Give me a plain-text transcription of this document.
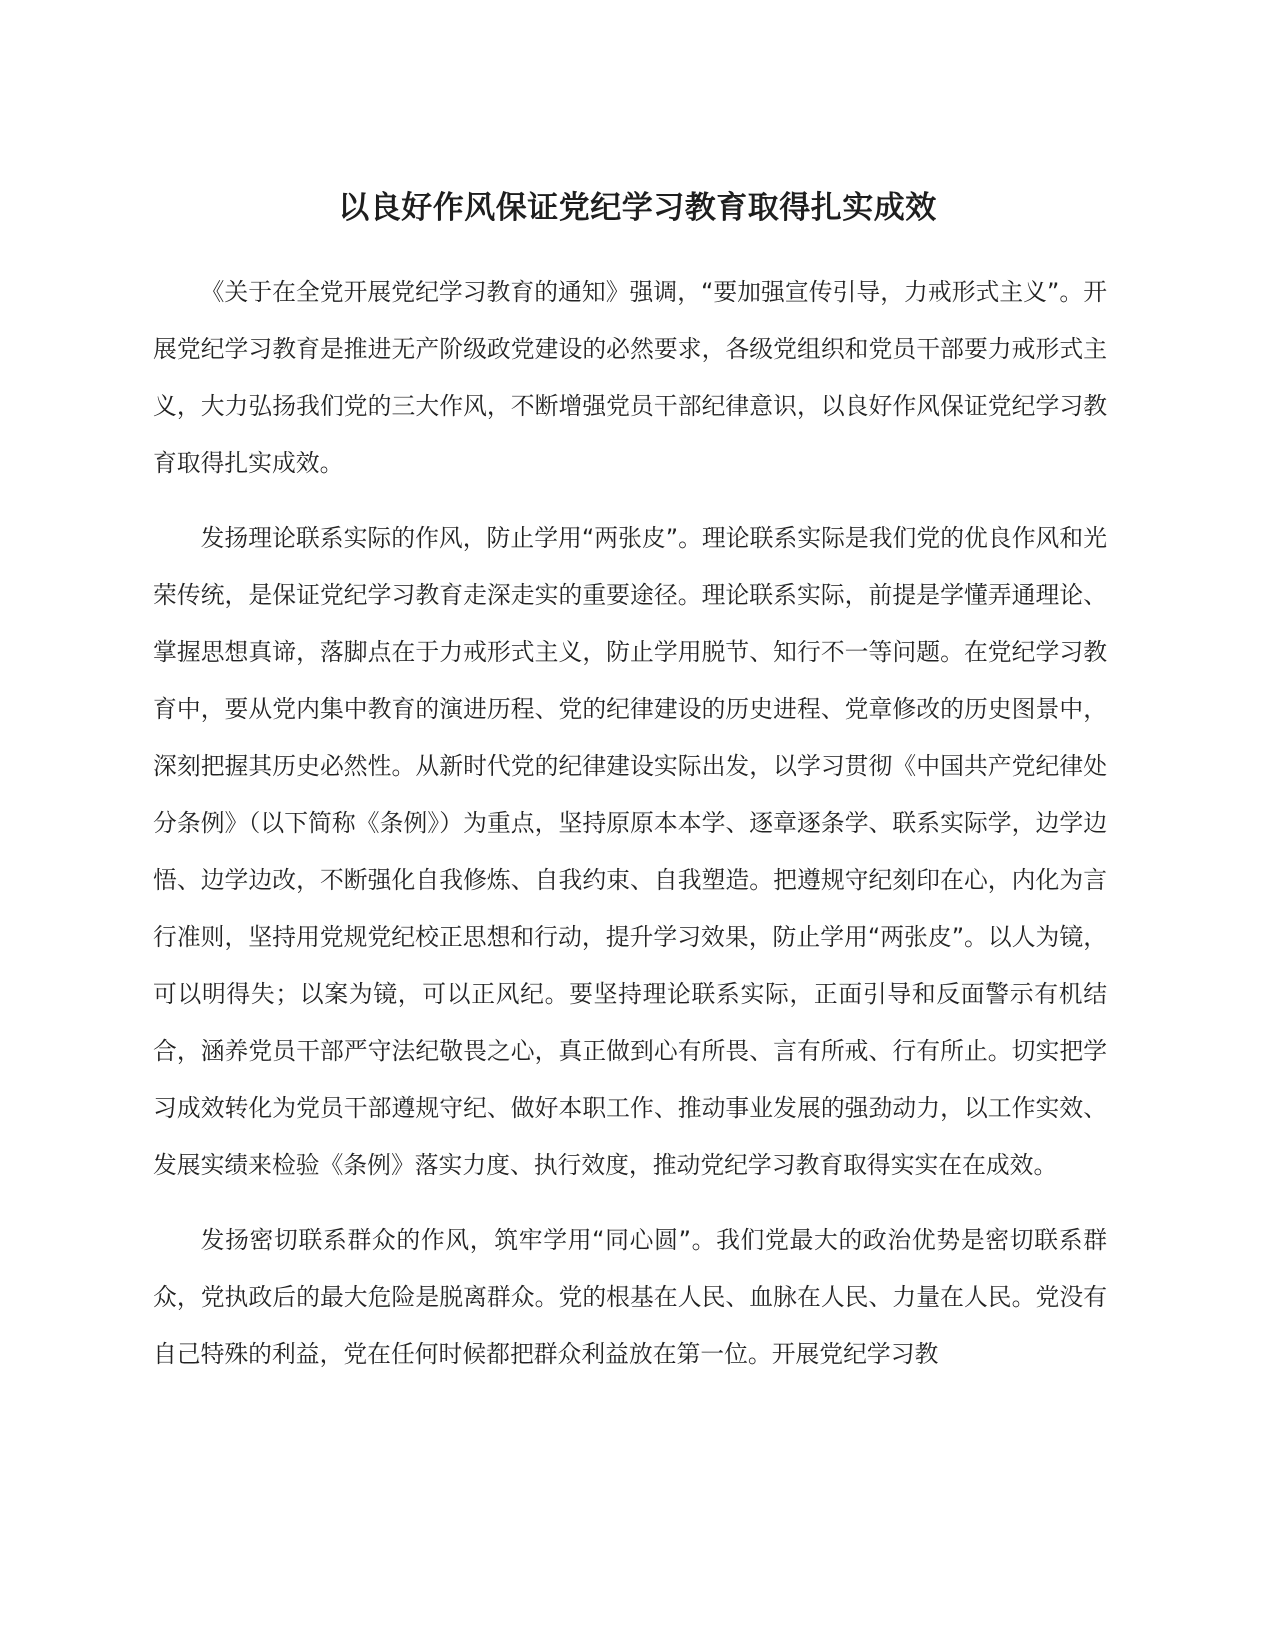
以良好作风保证党纪学习教育取得扎实成效

《关于在全党开展党纪学习教育的通知》强调，“要加强宣传引导，力戒形式主义”。开展党纪学习教育是推进无产阶级政党建设的必然要求，各级党组织和党员干部要力戒形式主义，大力弘扬我们党的三大作风，不断增强党员干部纪律意识，以良好作风保证党纪学习教育取得扎实成效。

发扬理论联系实际的作风，防止学用“两张皮”。理论联系实际是我们党的优良作风和光荣传统，是保证党纪学习教育走深走实的重要途径。理论联系实际，前提是学懂弄通理论、掌握思想真谛，落脚点在于力戒形式主义，防止学用脱节、知行不一等问题。在党纪学习教育中，要从党内集中教育的演进历程、党的纪律建设的历史进程、党章修改的历史图景中，深刻把握其历史必然性。从新时代党的纪律建设实际出发，以学习贯彻《中国共产党纪律处分条例》（以下简称《条例》）为重点，坚持原原本本学、逐章逐条学、联系实际学，边学边悟、边学边改，不断强化自我修炼、自我约束、自我塑造。把遵规守纪刻印在心，内化为言行准则，坚持用党规党纪校正思想和行动，提升学习效果，防止学用“两张皮”。以人为镜，可以明得失；以案为镜，可以正风纪。要坚持理论联系实际，正面引导和反面警示有机结合，涵养党员干部严守法纪敬畏之心，真正做到心有所畏、言有所戒、行有所止。切实把学习成效转化为党员干部遵规守纪、做好本职工作、推动事业发展的强劲动力，以工作实效、发展实绩来检验《条例》落实力度、执行效度，推动党纪学习教育取得实实在在成效。

发扬密切联系群众的作风，筑牢学用“同心圆”。我们党最大的政治优势是密切联系群众，党执政后的最大危险是脱离群众。党的根基在人民、血脉在人民、力量在人民。党没有自己特殊的利益，党在任何时候都把群众利益放在第一位。开展党纪学习教
